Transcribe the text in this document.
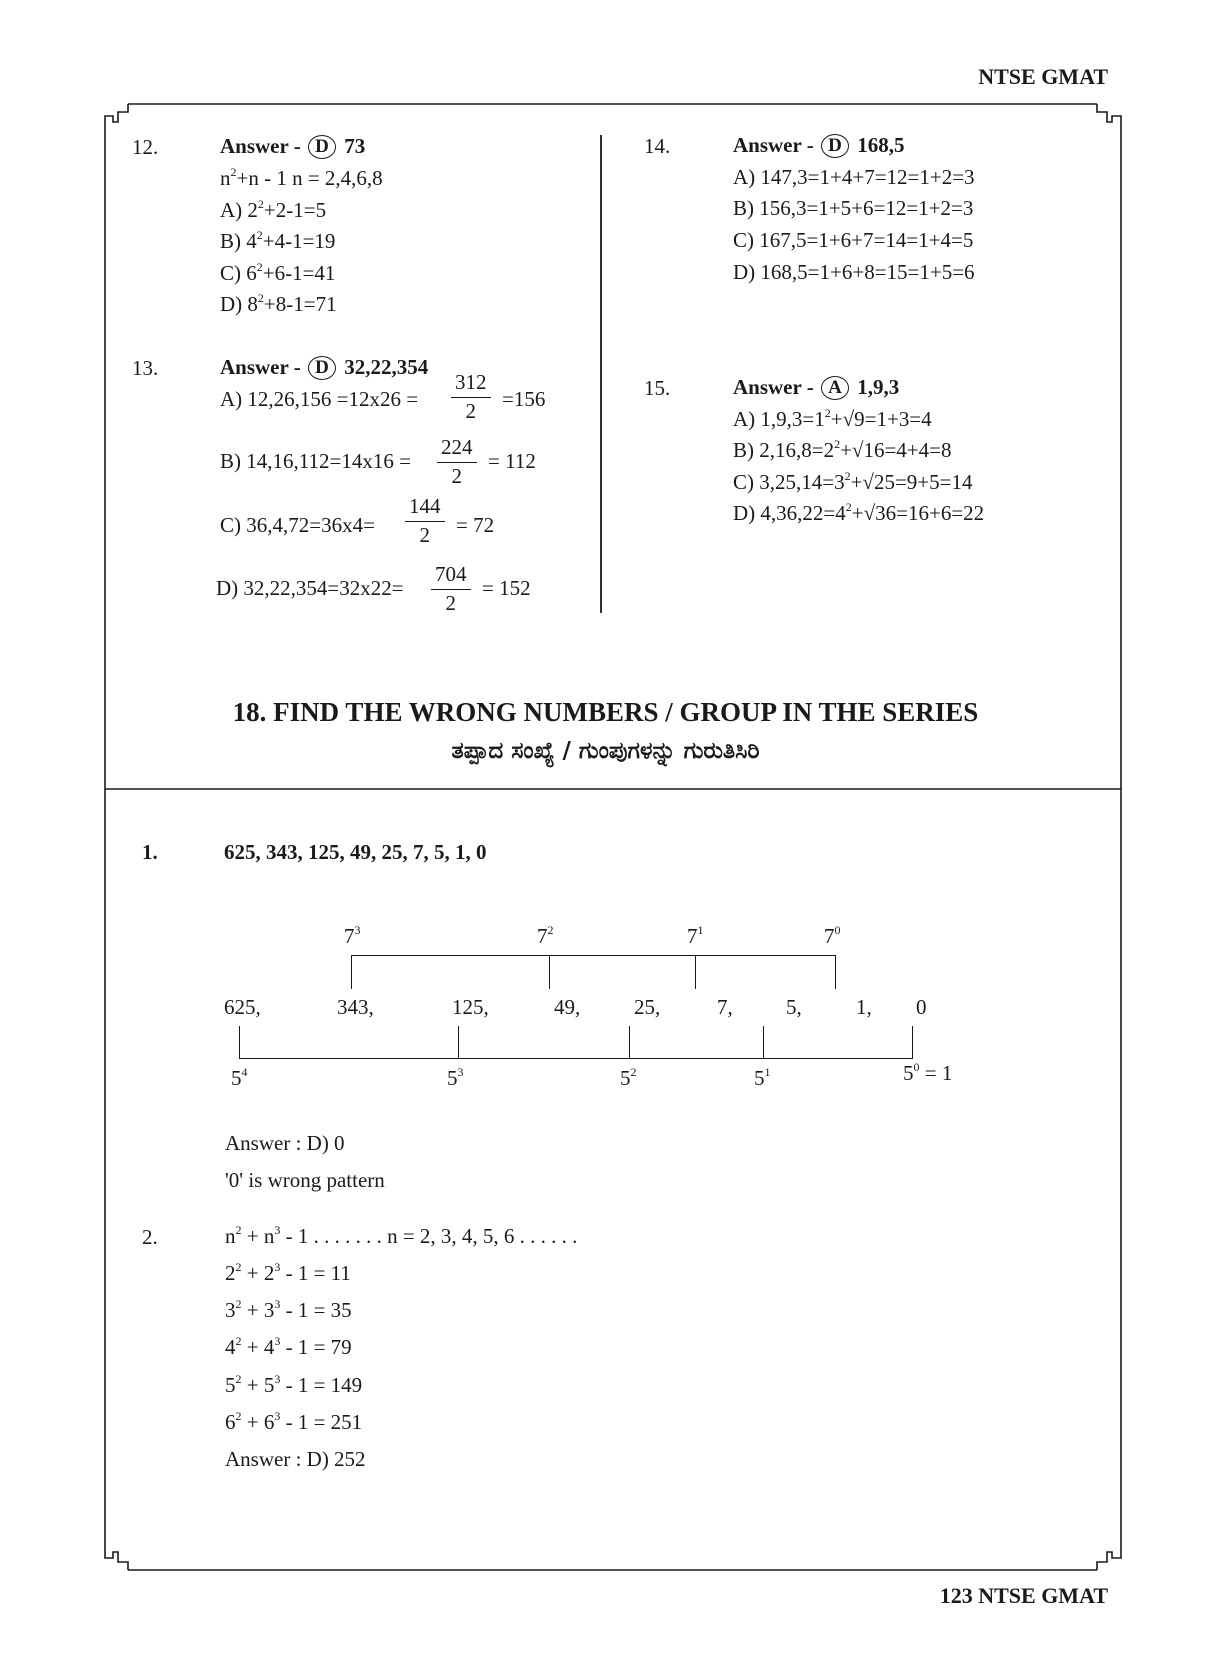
NTSE GMAT
123 NTSE GMAT
12.	Answer - D 73
$n^2+n - 1$ n = 2,4,6,8
A) $2^2+2-1=5$
B) $4^2+4-1=19$
C) $6^2+6-1=41$
D) $8^2+8-1=71$
13.	Answer - D 32,22,354
A) $12,26,156 =12x26 = \frac{312}{2} =156$
B) $14,16,112=14x16 = \frac{224}{2} = 112$
C) $36,4,72=36x4= \frac{144}{2} = 72$
D) $32,22,354=32x22= \frac{704}{2} = 152$
14.	Answer - D 168,5
A) 147,3=1+4+7=12=1+2=3
B) 156,3=1+5+6=12=1+2=3
C) 167,5=1+6+7=14=1+4=5
D) 168,5=1+6+8=15=1+5=6
15.	Answer - A 1,9,3
A) $1,9,3=1^2+√9=1+3=4$
B) $2,16,8=2^2+√16=4+4=8$
C) $3,25,14=3^2+√25=9+5=14$
D) $4,36,22=4^2+√36=16+6=22$
18. FIND THE WRONG NUMBERS / GROUP IN THE SERIES
ತಪ್ಪಾದ ಸಂಖ್ಯೆ / ಗುಂಪುಗಳನ್ನು ಗುರುತಿಸಿರಿ
1.	625, 343, 125, 49, 25, 7, 5, 1, 0
$7^3$	$7^2$	$7^1$	$7^0$
625,	343,	125,	49,	25,	7,	5,	1, 0
$5^4$	$5^3$	$5^2$	$5^1$	$5^0 = 1$
Answer : D) 0
'0' is wrong pattern
2.	$n^2 + n^3 - 1$ . . . . . . . n = 2, 3, 4, 5, 6 . . . . . .
$2^2 + 2^3 - 1 = 11$
$3^2 + 3^3 - 1 = 35$
$4^2 + 4^3 - 1 = 79$
$5^2 + 5^3 - 1 = 149$
$6^2 + 6^3 - 1 = 251$
Answer : D) 252
